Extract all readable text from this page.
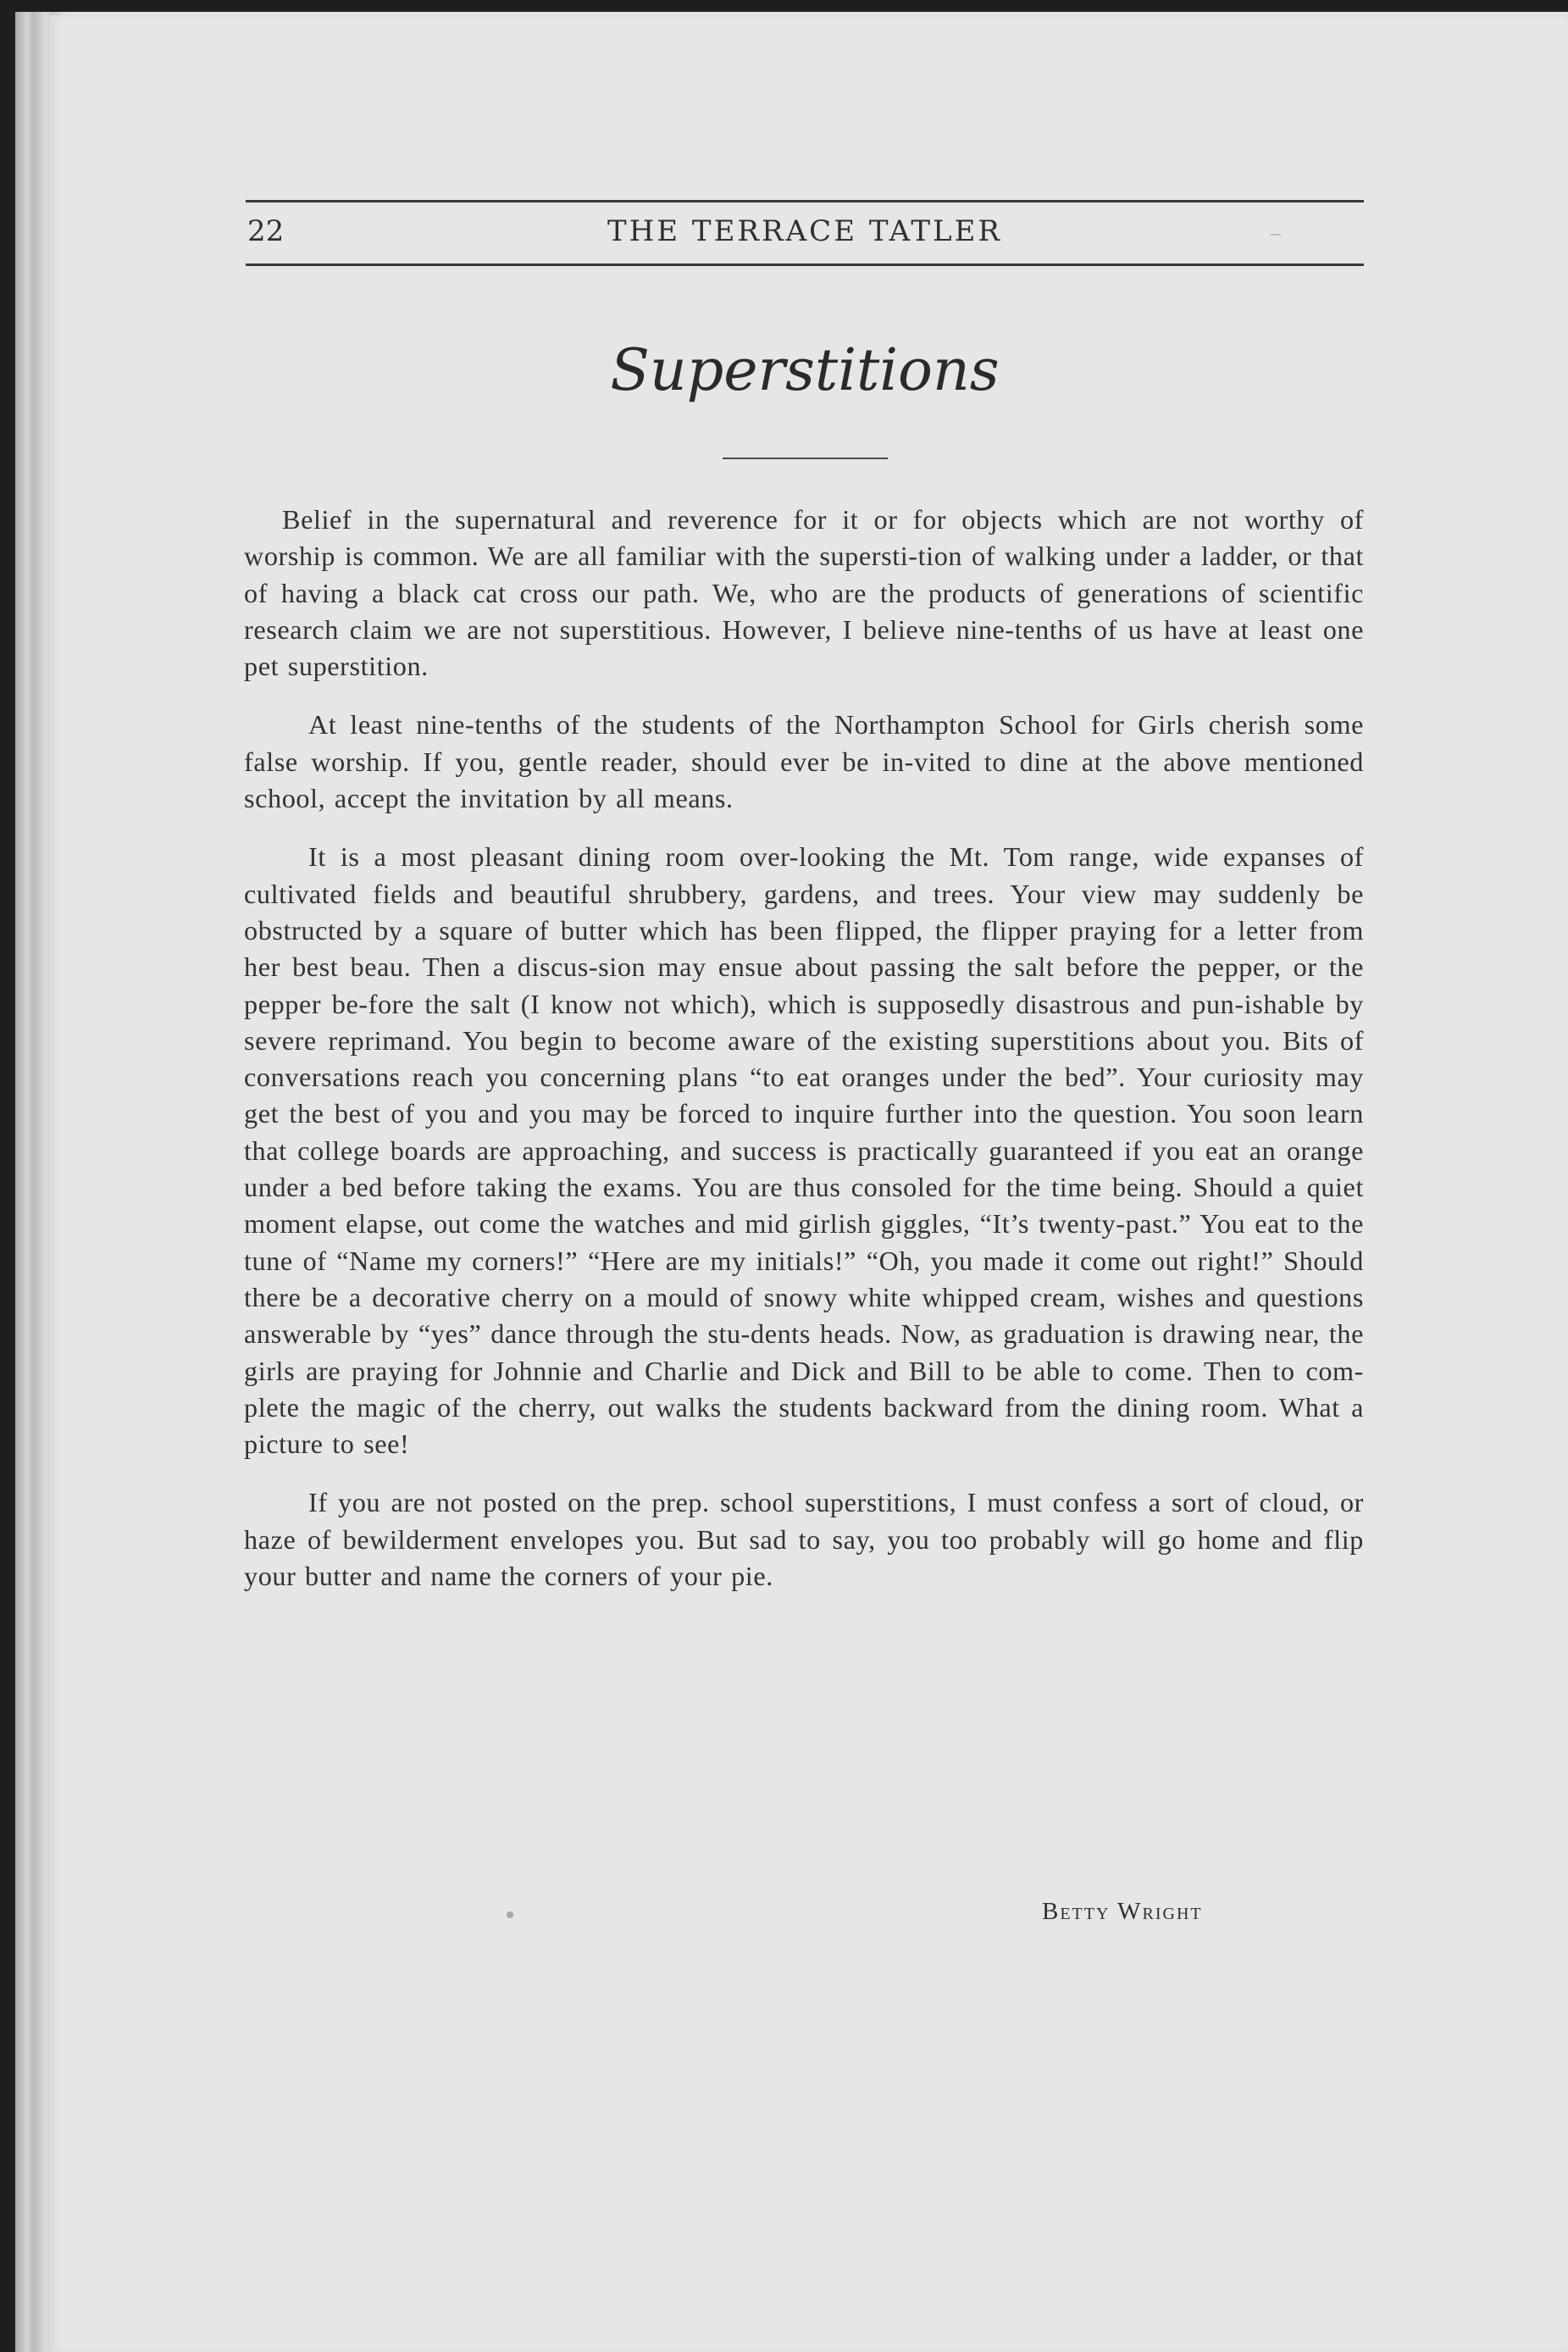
22	THE TERRACE TATLER
Superstitions

Belief in the supernatural and reverence for it or for objects which are not worthy of worship is common. We are all familiar with the supersti-tion of walking under a ladder, or that of having a black cat cross our path. We, who are the products of generations of scientific research claim we are not superstitious. However, I believe nine-tenths of us have at least one pet superstition.

At least nine-tenths of the students of the Northampton School for Girls cherish some false worship. If you, gentle reader, should ever be in-vited to dine at the above mentioned school, accept the invitation by all means.

It is a most pleasant dining room over-looking the Mt. Tom range, wide expanses of cultivated fields and beautiful shrubbery, gardens, and trees. Your view may suddenly be obstructed by a square of butter which has been flipped, the flipper praying for a letter from her best beau. Then a discus-sion may ensue about passing the salt before the pepper, or the pepper be-fore the salt (I know not which), which is supposedly disastrous and pun-ishable by severe reprimand. You begin to become aware of the existing superstitions about you. Bits of conversations reach you concerning plans “to eat oranges under the bed”. Your curiosity may get the best of you and you may be forced to inquire further into the question. You soon learn that college boards are approaching, and success is practically guaranteed if you eat an orange under a bed before taking the exams. You are thus consoled for the time being. Should a quiet moment elapse, out come the watches and mid girlish giggles, “It’s twenty-past.” You eat to the tune of “Name my corners!” “Here are my initials!” “Oh, you made it come out right!” Should there be a decorative cherry on a mould of snowy white whipped cream, wishes and questions answerable by “yes” dance through the stu-dents heads. Now, as graduation is drawing near, the girls are praying for Johnnie and Charlie and Dick and Bill to be able to come. Then to com-plete the magic of the cherry, out walks the students backward from the dining room. What a picture to see!

If you are not posted on the prep. school superstitions, I must confess a sort of cloud, or haze of bewilderment envelopes you. But sad to say, you too probably will go home and flip your butter and name the corners of your pie.

Betty Wright
